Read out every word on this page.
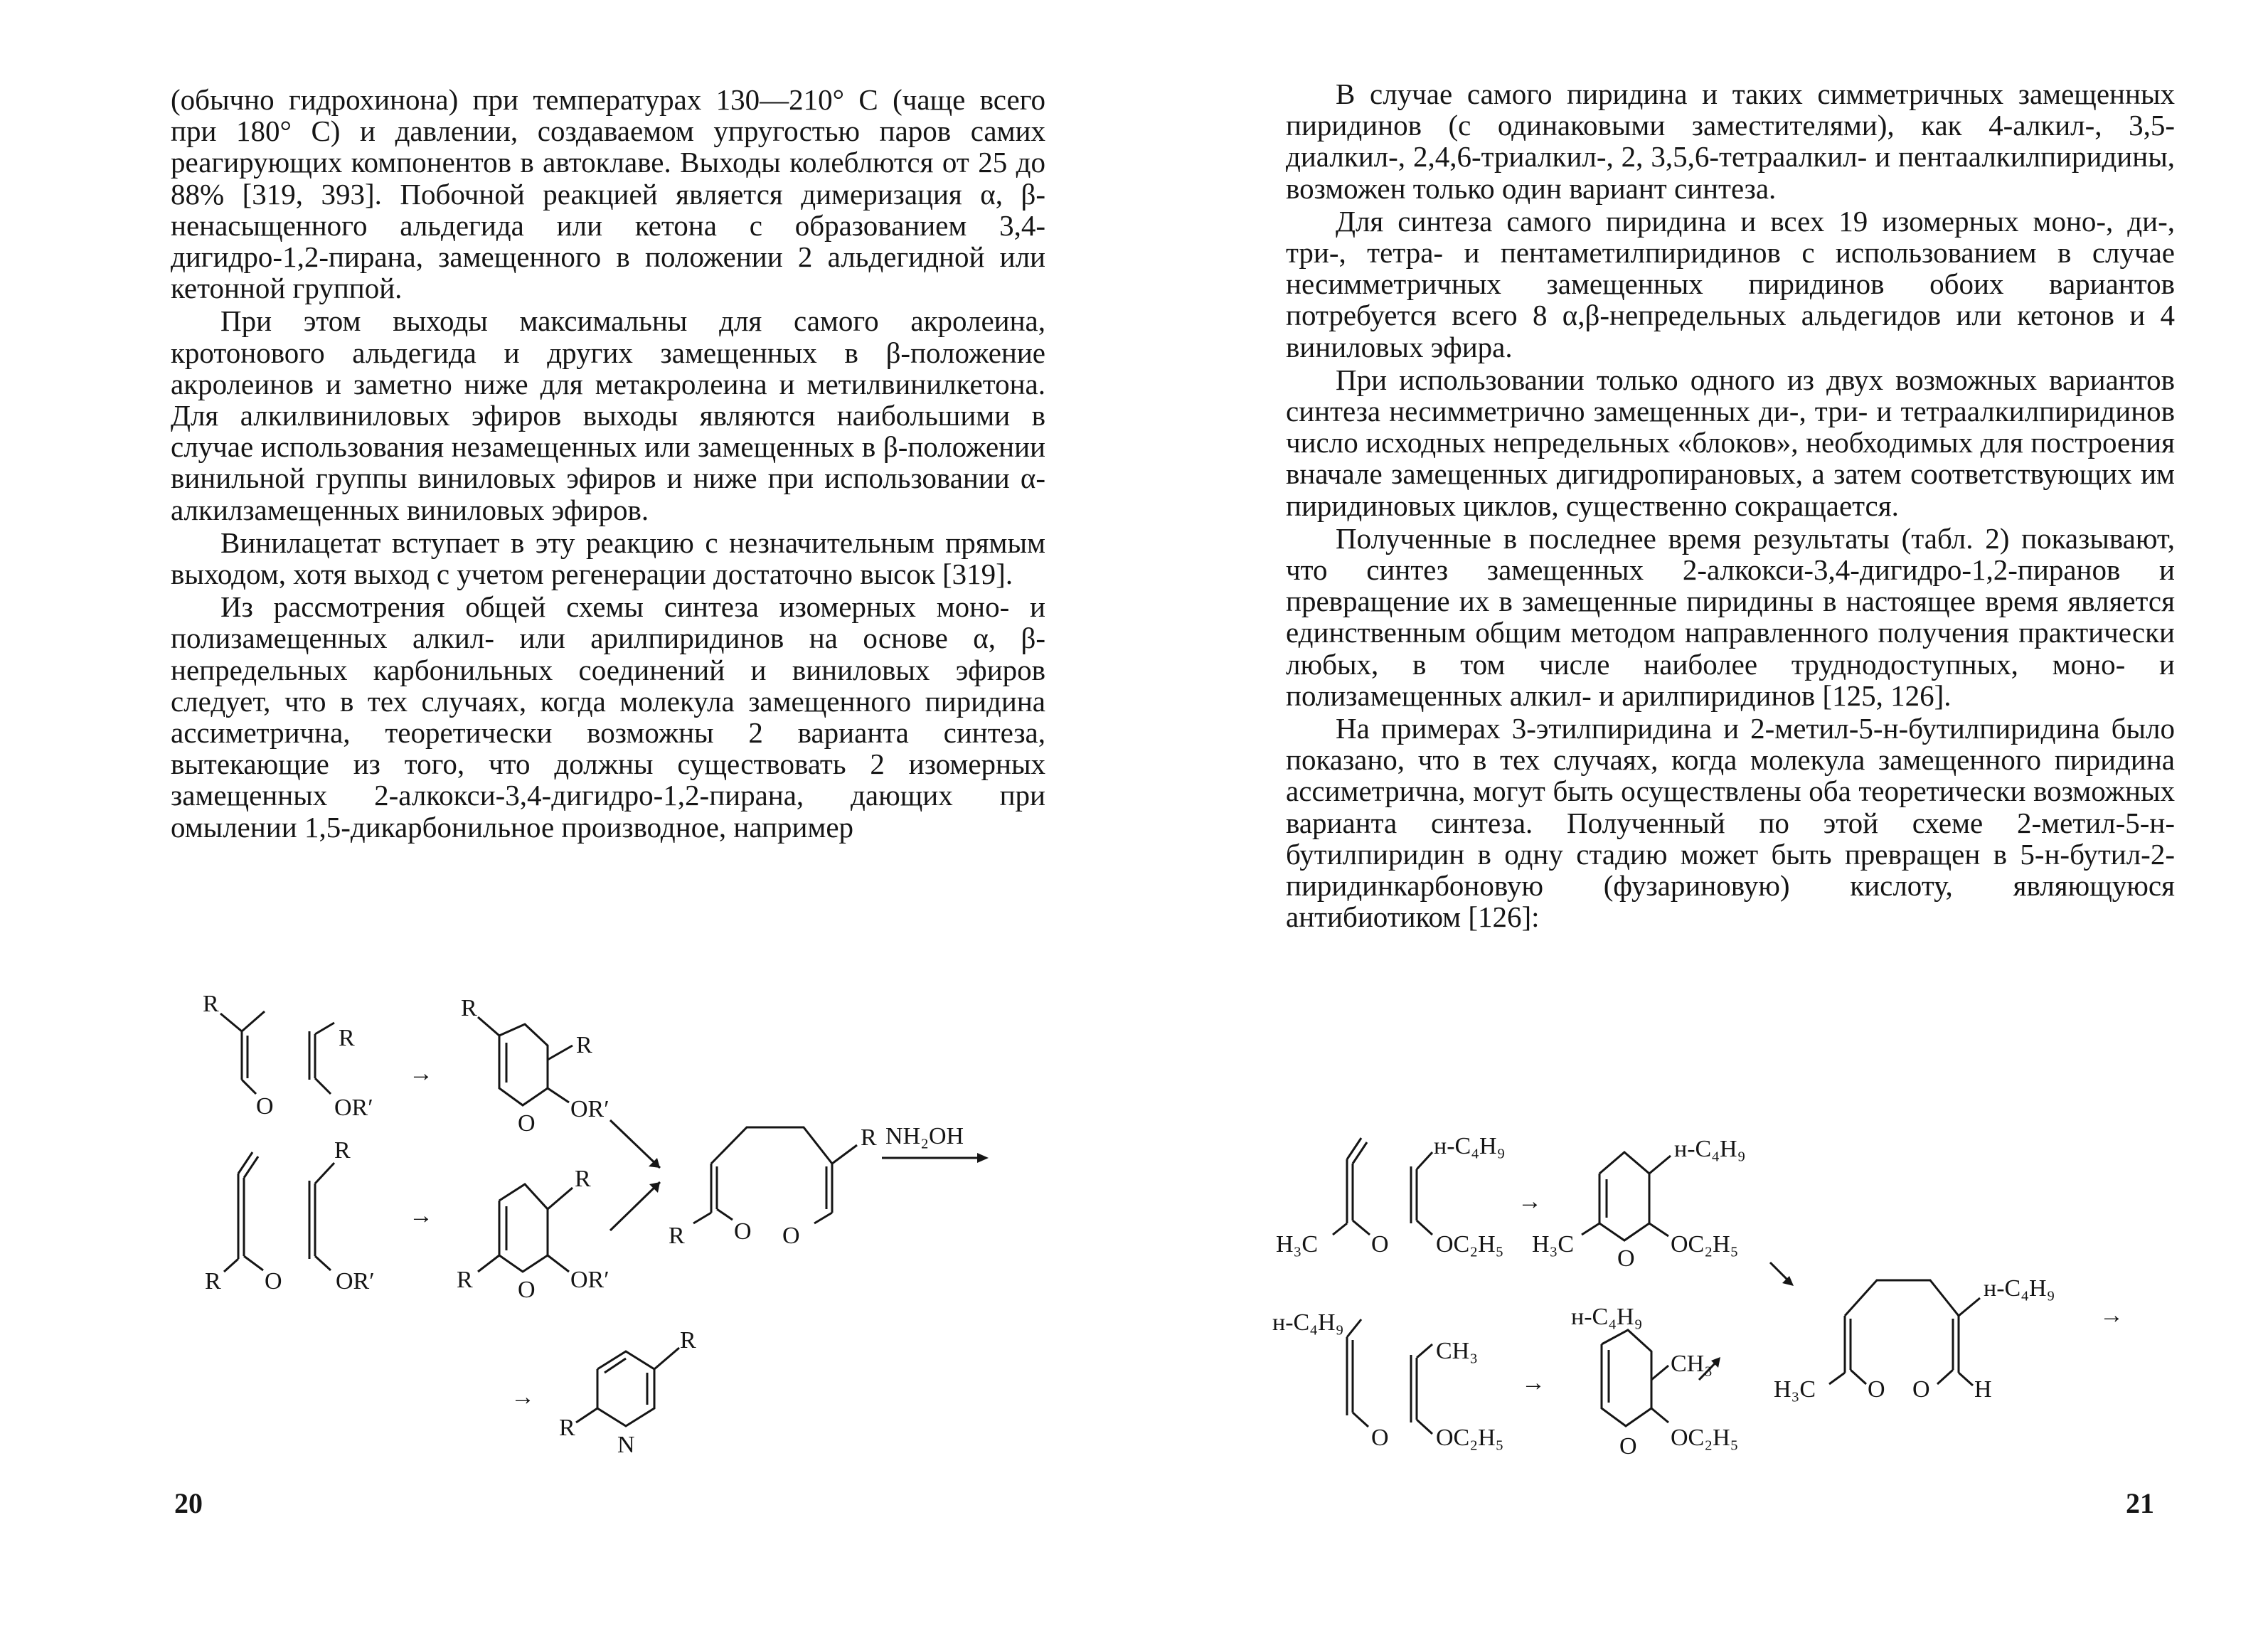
(обычно гидрохинона) при температурах 130—210° С (чаще всего при 180° С) и давлении, создаваемом упругостью паров самих реагирующих компонентов в автоклаве. Выходы колеблются от 25 до 88% [319, 393]. Побочной реакцией является димеризация α, β-ненасыщенного альдегида или кетона с образованием 3,4-дигидро-1,2-пирана, замещенного в положении 2 альдегидной или кетонной группой.

При этом выходы максимальны для самого акролеина, кротонового альдегида и других замещенных в β-положение акролеинов и заметно ниже для метакролеина и метилвинилкетона. Для алкилвиниловых эфиров выходы являются наибольшими в случае использования незамещенных или замещенных в β-положении винильной группы виниловых эфиров и ниже при использовании α-алкилзамещенных виниловых эфиров.

Винилацетат вступает в эту реакцию с незначительным прямым выходом, хотя выход с учетом регенерации достаточно высок [319].

Из рассмотрения общей схемы синтеза изомерных моно- и полизамещенных алкил- или арилпиридинов на основе α, β-непредельных карбонильных соединений и виниловых эфиров следует, что в тех случаях, когда молекула замещенного пиридина ассиметрична, теоретически возможны 2 варианта синтеза, вытекающие из того, что должны существовать 2 изомерных замещенных 2-алкокси-3,4-дигидро-1,2-пирана, дающих при омылении 1,5-дикарбонильное производное, например

R
O
R
OR′
→
R
R
O
OR′
R O
R
O
NH₂OH
R O
R
OR′
→
R
R O OR′
→
R
R
N
20

В случае самого пиридина и таких симметричных замещенных пиридинов (с одинаковыми заместителями), как 4-алкил-, 3,5-диалкил-, 2,4,6-триалкил-, 2, 3,5,6-тетраалкил- и пентаалкилпиридины, возможен только один вариант синтеза.

Для синтеза самого пиридина и всех 19 изомерных моно-, ди-, три-, тетра- и пентаметилпиридинов с использованием в случае несимметричных замещенных пиридинов обоих вариантов потребуется всего 8 α,β-непредельных альдегидов или кетонов и 4 виниловых эфира.

При использовании только одного из двух возможных вариантов синтеза несимметрично замещенных ди-, три- и тетраалкилпиридинов число исходных непредельных «блоков», необходимых для построения вначале замещенных дигидропирановых, а затем соответствующих им пиридиновых циклов, существенно сокращается.

Полученные в последнее время результаты (табл. 2) показывают, что синтез замещенных 2-алкокси-3,4-дигидро-1,2-пиранов и превращение их в замещенные пиридины в настоящее время является единственным общим методом направленного получения практически любых, в том числе наиболее труднодоступных, моно- и полизамещенных алкил- и арилпиридинов [125, 126].

На примерах 3-этилпиридина и 2-метил-5-н-бутилпиридина было показано, что в тех случаях, когда молекула замещенного пиридина ассиметрична, могут быть осуществлены оба теоретически возможных варианта синтеза. Полученный по этой схеме 2-метил-5-н-бутилпиридин в одну стадию может быть превращен в 5-н-бутил-2-пиридинкарбоновую (фузариновую) кислоту, являющуюся антибиотиком [126]:

H₃C O
н-C₄H₉
OC₂H₅
→
н-C₄H₉
H₃C
O
OC₂H₅
н-C₄H₉
O
CH₃
OC₂H₅
→
н-C₄H₉
CH₃
OC₂H₅
O
H₃C O
н-C₄H₉
O H
→
21
